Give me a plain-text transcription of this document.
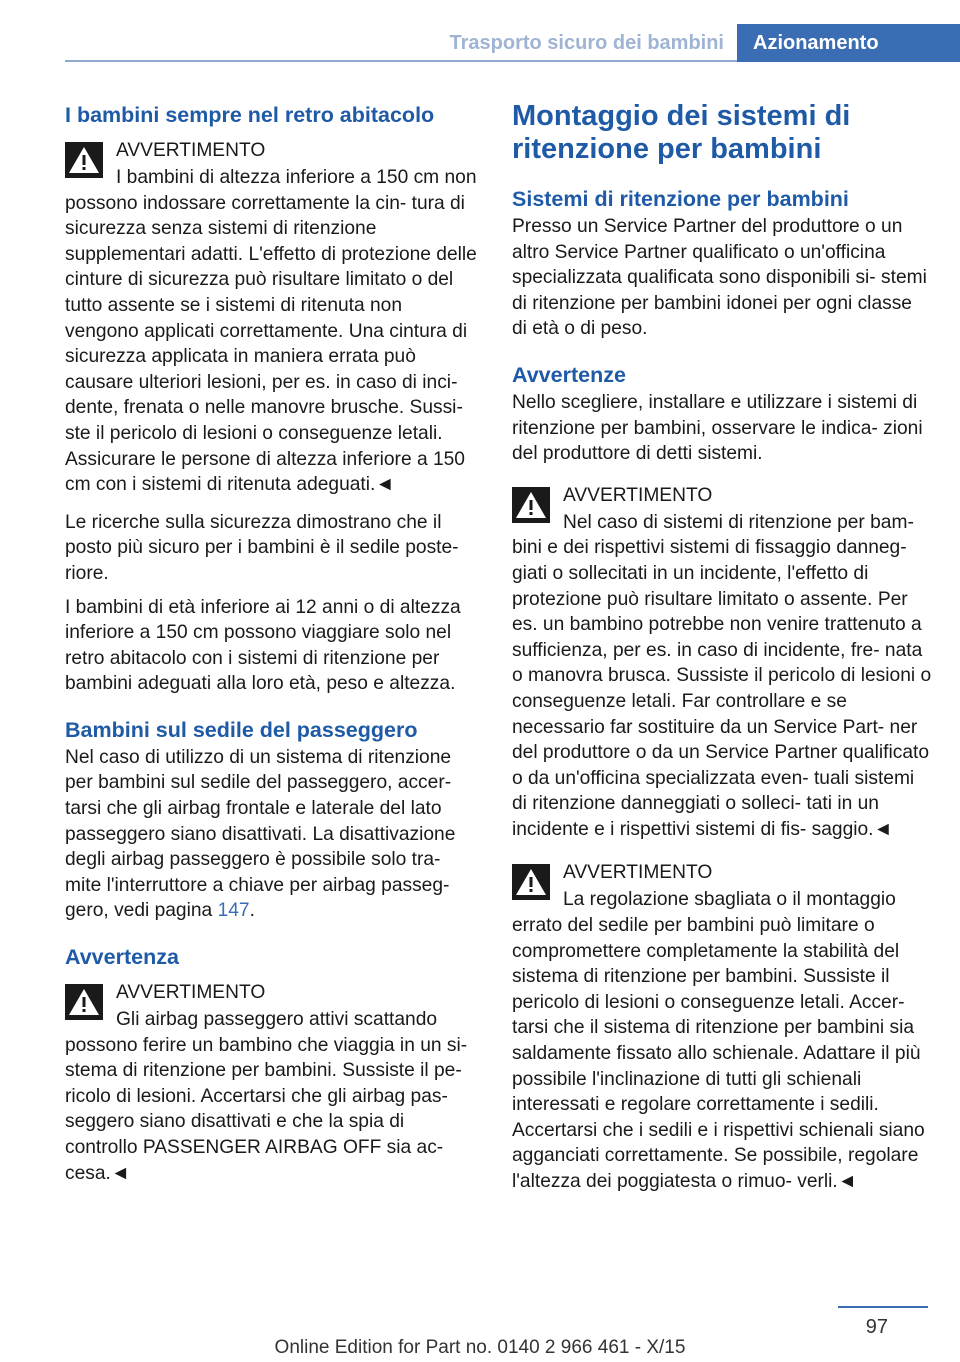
Trasporto sicuro dei bambini	Azionamento
I bambini sempre nel retro abitacolo
AVVERTIMENTO

I bambini di altezza inferiore a 150 cm non possono indossare correttamente la cin- tura di sicurezza senza sistemi di ritenzione supplementari adatti. L'effetto di protezione delle cinture di sicurezza può risultare limitato o del tutto assente se i sistemi di ritenuta non vengono applicati correttamente. Una cintura di sicurezza applicata in maniera errata può causare ulteriori lesioni, per es. in caso di inci- dente, frenata o nelle manovre brusche. Sussi- ste il pericolo di lesioni o conseguenze letali. Assicurare le persone di altezza inferiore a 150 cm con i sistemi di ritenuta adeguati.◄

Le ricerche sulla sicurezza dimostrano che il posto più sicuro per i bambini è il sedile poste- riore.

I bambini di età inferiore ai 12 anni o di altezza inferiore a 150 cm possono viaggiare solo nel retro abitacolo con i sistemi di ritenzione per bambini adeguati alla loro età, peso e altezza.

Bambini sul sedile del passeggero

Nel caso di utilizzo di un sistema di ritenzione per bambini sul sedile del passeggero, accer- tarsi che gli airbag frontale e laterale del lato passeggero siano disattivati. La disattivazione degli airbag passeggero è possibile solo tra- mite l'interruttore a chiave per airbag passeg- gero, vedi pagina 147.

Avvertenza
AVVERTIMENTO

Gli airbag passeggero attivi scattando possono ferire un bambino che viaggia in un si- stema di ritenzione per bambini. Sussiste il pe- ricolo di lesioni. Accertarsi che gli airbag pas- seggero siano disattivati e che la spia di controllo PASSENGER AIRBAG OFF sia ac- cesa.◄

Montaggio dei sistemi di ritenzione per bambini
Sistemi di ritenzione per bambini

Presso un Service Partner del produttore o un altro Service Partner qualificato o un'officina specializzata qualificata sono disponibili si- stemi di ritenzione per bambini idonei per ogni classe di età o di peso.

Avvertenze

Nello scegliere, installare e utilizzare i sistemi di ritenzione per bambini, osservare le indica- zioni del produttore di detti sistemi.

AVVERTIMENTO

Nel caso di sistemi di ritenzione per bam- bini e dei rispettivi sistemi di fissaggio danneg- giati o sollecitati in un incidente, l'effetto di protezione può risultare limitato o assente. Per es. un bambino potrebbe non venire trattenuto a sufficienza, per es. in caso di incidente, fre- nata o manovra brusca. Sussiste il pericolo di lesioni o conseguenze letali. Far controllare e se necessario far sostituire da un Service Part- ner del produttore o da un Service Partner qualificato o da un'officina specializzata even- tuali sistemi di ritenzione danneggiati o solleci- tati in un incidente e i rispettivi sistemi di fis- saggio.◄

AVVERTIMENTO

La regolazione sbagliata o il montaggio errato del sedile per bambini può limitare o compromettere completamente la stabilità del sistema di ritenzione per bambini. Sussiste il pericolo di lesioni o conseguenze letali. Accer- tarsi che il sistema di ritenzione per bambini sia saldamente fissato allo schienale. Adattare il più possibile l'inclinazione di tutti gli schienali interessati e regolare correttamente i sedili. Accertarsi che i sedili e i rispettivi schienali siano agganciati correttamente. Se possibile, regolare l'altezza dei poggiatesta o rimuo- verli.◄

97
Online Edition for Part no. 0140 2 966 461 - X/15
